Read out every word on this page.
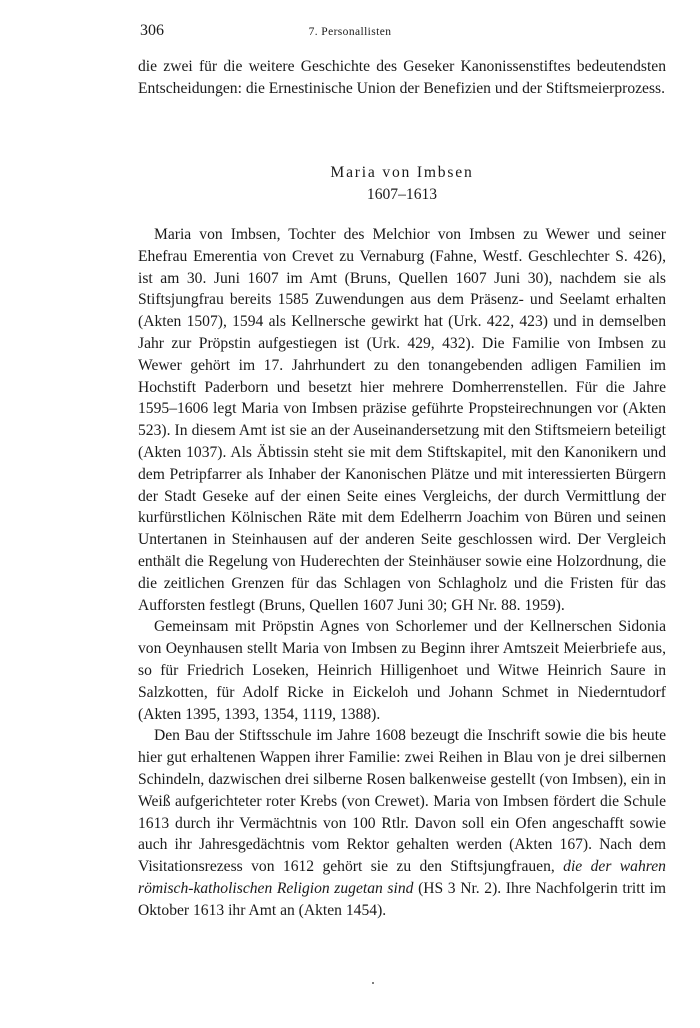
306	7. Personallisten
die zwei für die weitere Geschichte des Geseker Kanonissenstiftes bedeutendsten Entscheidungen: die Ernestinische Union der Benefizien und der Stiftsmeierprozess.
Maria von Imbsen
1607–1613

Maria von Imbsen, Tochter des Melchior von Imbsen zu Wewer und seiner Ehefrau Emerentia von Crevet zu Vernaburg (Fahne, Westf. Geschlechter S. 426), ist am 30. Juni 1607 im Amt (Bruns, Quellen 1607 Juni 30), nachdem sie als Stiftsjungfrau bereits 1585 Zuwendungen aus dem Präsenz- und Seelamt erhalten (Akten 1507), 1594 als Kellnersche gewirkt hat (Urk. 422, 423) und in demselben Jahr zur Pröpstin aufgestiegen ist (Urk. 429, 432). Die Familie von Imbsen zu Wewer gehört im 17. Jahrhundert zu den tonangebenden adligen Familien im Hochstift Paderborn und besetzt hier mehrere Domherrenstellen. Für die Jahre 1595–1606 legt Maria von Imbsen präzise geführte Propsteirechnungen vor (Akten 523). In diesem Amt ist sie an der Auseinandersetzung mit den Stiftsmeiern beteiligt (Akten 1037). Als Äbtissin steht sie mit dem Stiftskapitel, mit den Kanonikern und dem Petripfarrer als Inhaber der Kanonischen Plätze und mit interessierten Bürgern der Stadt Geseke auf der einen Seite eines Vergleichs, der durch Vermittlung der kurfürstlichen Kölnischen Räte mit dem Edelherrn Joachim von Büren und seinen Untertanen in Steinhausen auf der anderen Seite geschlossen wird. Der Vergleich enthält die Regelung von Huderechten der Steinhäuser sowie eine Holzordnung, die die zeitlichen Grenzen für das Schlagen von Schlagholz und die Fristen für das Aufforsten festlegt (Bruns, Quellen 1607 Juni 30; GH Nr. 88. 1959).

Gemeinsam mit Pröpstin Agnes von Schorlemer und der Kellnerschen Sidonia von Oeynhausen stellt Maria von Imbsen zu Beginn ihrer Amtszeit Meierbriefe aus, so für Friedrich Loseken, Heinrich Hilligenhoet und Witwe Heinrich Saure in Salzkotten, für Adolf Ricke in Eickeloh und Johann Schmet in Niederntudorf (Akten 1395, 1393, 1354, 1119, 1388).

Den Bau der Stiftsschule im Jahre 1608 bezeugt die Inschrift sowie die bis heute hier gut erhaltenen Wappen ihrer Familie: zwei Reihen in Blau von je drei silbernen Schindeln, dazwischen drei silberne Rosen balkenweise gestellt (von Imbsen), ein in Weiß aufgerichteter roter Krebs (von Crewet). Maria von Imbsen fördert die Schule 1613 durch ihr Vermächtnis von 100 Rtlr. Davon soll ein Ofen angeschafft sowie auch ihr Jahresgedächtnis vom Rektor gehalten werden (Akten 167). Nach dem Visitationsrezess von 1612 gehört sie zu den Stiftsjungfrauen, die der wahren römisch-katholischen Religion zugetan sind (HS 3 Nr. 2). Ihre Nachfolgerin tritt im Oktober 1613 ihr Amt an (Akten 1454).
